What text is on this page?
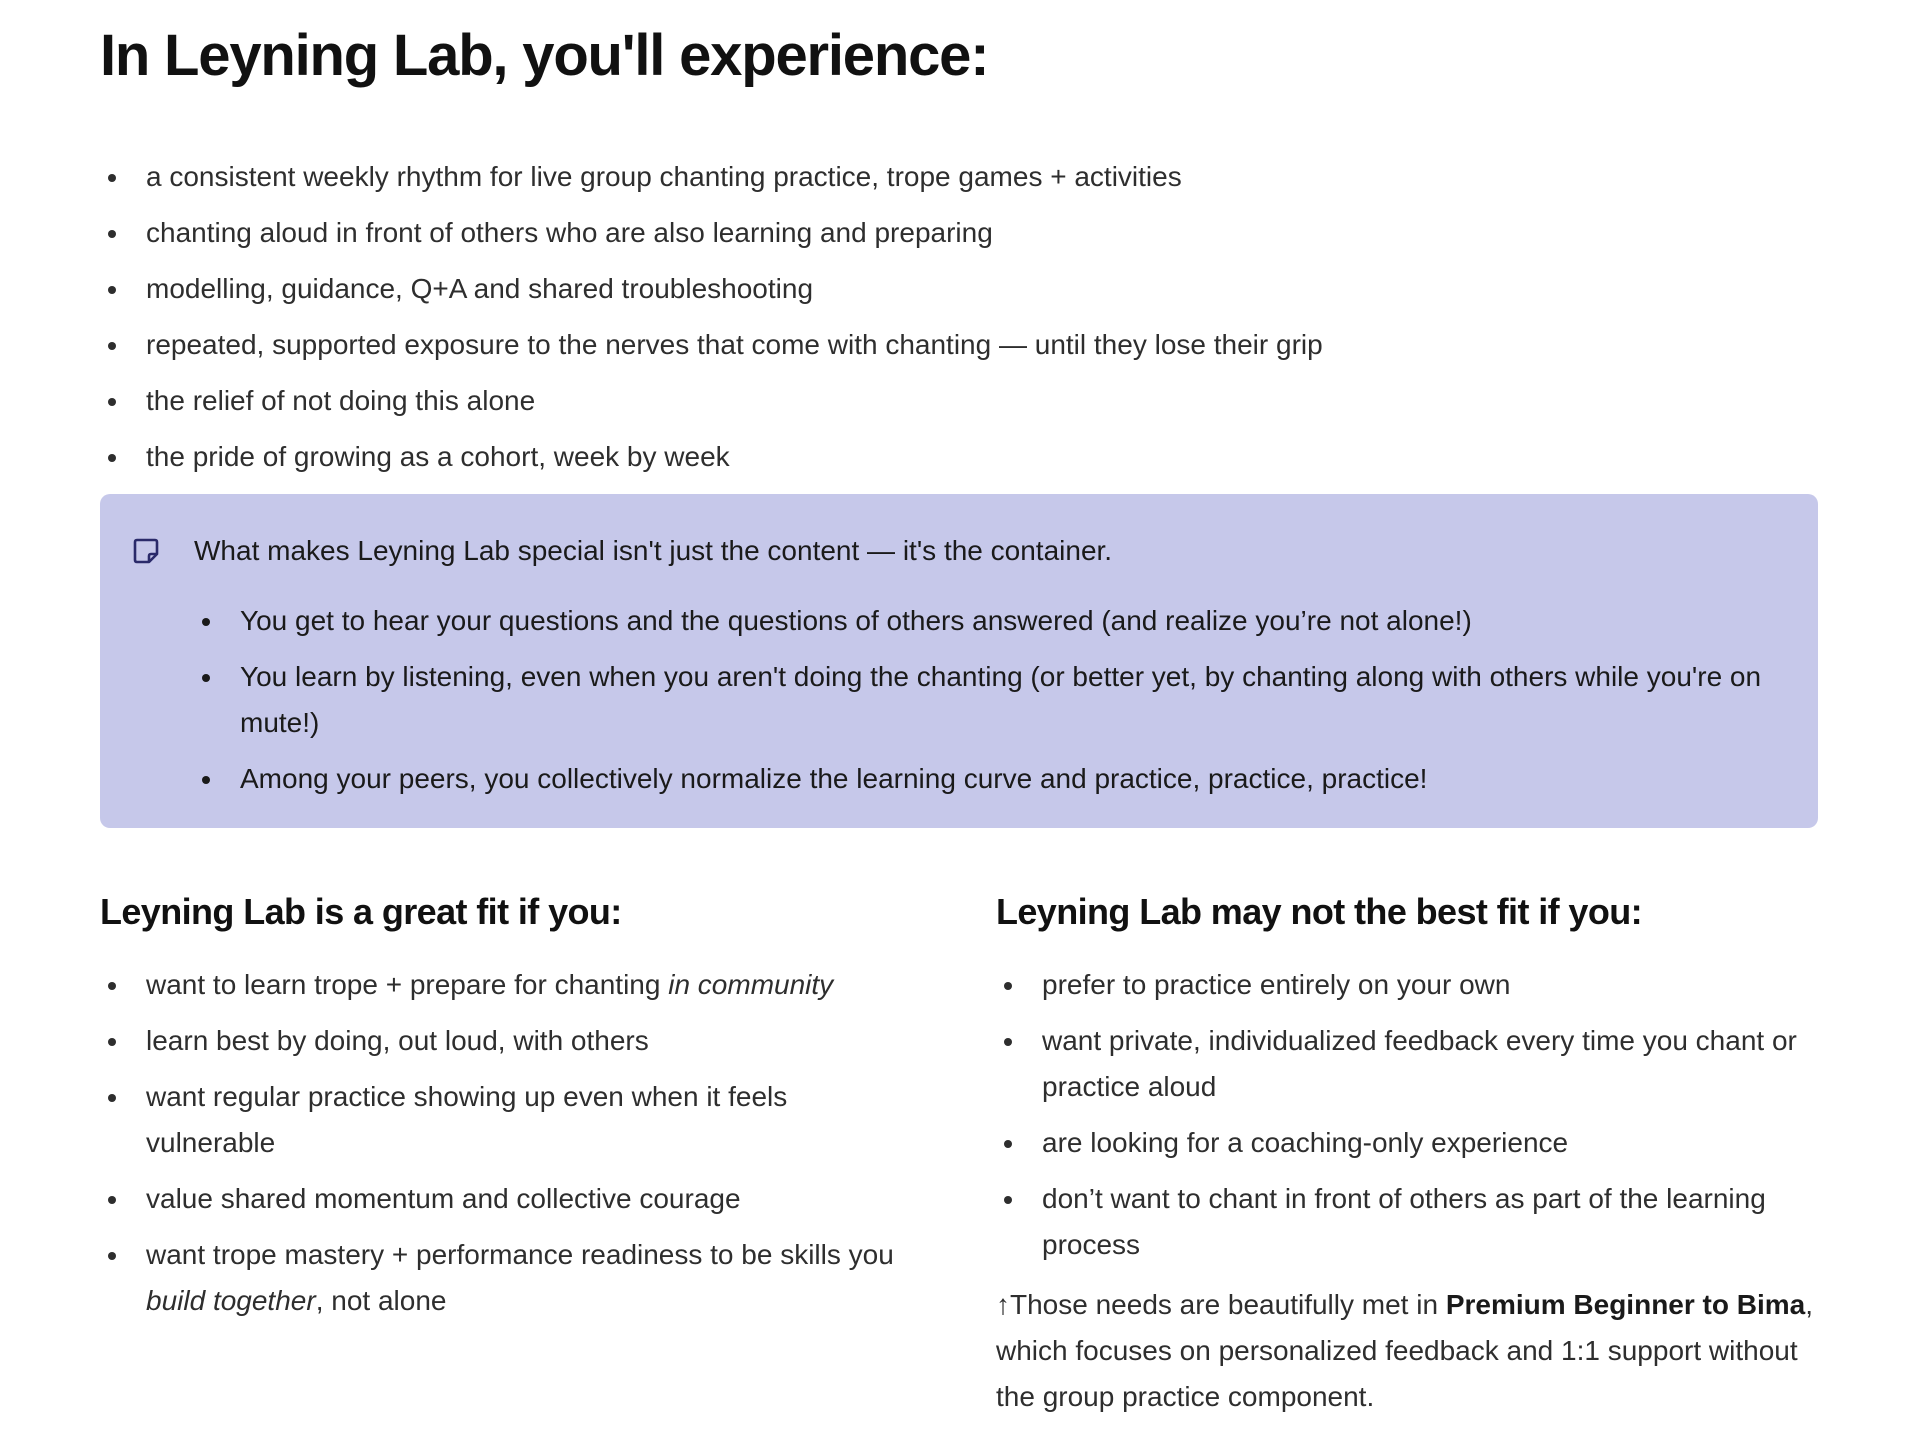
In Leyning Lab, you'll experience:
a consistent weekly rhythm for live group chanting practice, trope games + activities
chanting aloud in front of others who are also learning and preparing
modelling, guidance, Q+A and shared troubleshooting
repeated, supported exposure to the nerves that come with chanting — until they lose their grip
the relief of not doing this alone
the pride of growing as a cohort, week by week
What makes Leyning Lab special isn't just the content — it's the container.
You get to hear your questions and the questions of others answered (and realize you’re not alone!)
You learn by listening, even when you aren't doing the chanting (or better yet, by chanting along with others while you're on mute!)
Among your peers, you collectively normalize the learning curve and practice, practice, practice!
Leyning Lab is a great fit if you:
want to learn trope + prepare for chanting in community
learn best by doing, out loud, with others
want regular practice showing up even when it feels vulnerable
value shared momentum and collective courage
want trope mastery + performance readiness to be skills you build together, not alone
Leyning Lab may not the best fit if you:
prefer to practice entirely on your own
want private, individualized feedback every time you chant or practice aloud
are looking for a coaching-only experience
don’t want to chant in front of others as part of the learning process

↑Those needs are beautifully met in Premium Beginner to Bima, which focuses on personalized feedback and 1:1 support without the group practice component.
